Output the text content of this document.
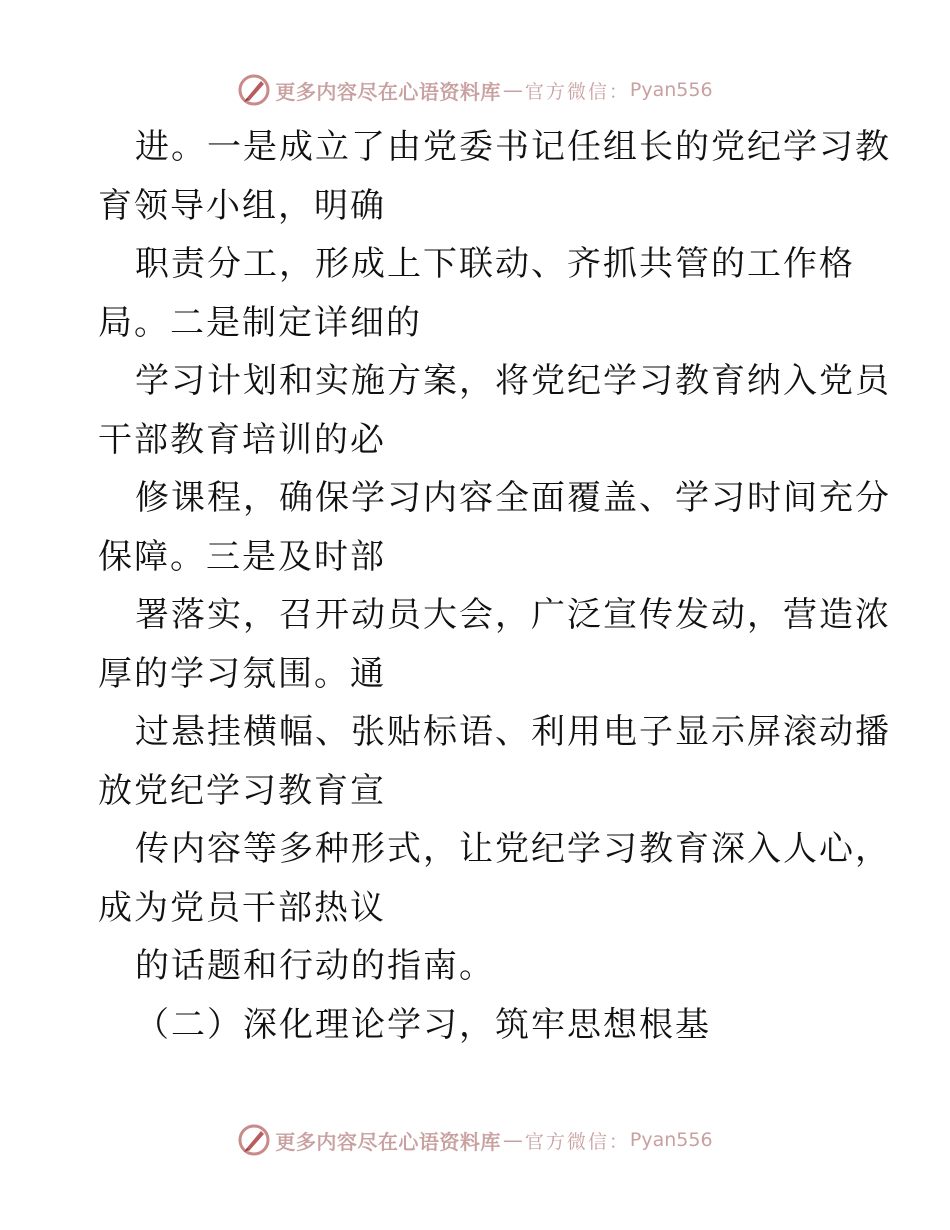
更多内容尽在心语资料库 — 官方微信： Pyan556
进。一是成立了由党委书记任组长的党纪学习教
育领导小组，明确
职责分工，形成上下联动、齐抓共管的工作格
局。二是制定详细的
学习计划和实施方案，将党纪学习教育纳入党员
干部教育培训的必
修课程，确保学习内容全面覆盖、学习时间充分
保障。三是及时部
署落实，召开动员大会，广泛宣传发动，营造浓
厚的学习氛围。通
过悬挂横幅、张贴标语、利用电子显示屏滚动播
放党纪学习教育宣
传内容等多种形式，让党纪学习教育深入人心，
成为党员干部热议
的话题和行动的指南。
（二）深化理论学习，筑牢思想根基
更多内容尽在心语资料库 — 官方微信： Pyan556
